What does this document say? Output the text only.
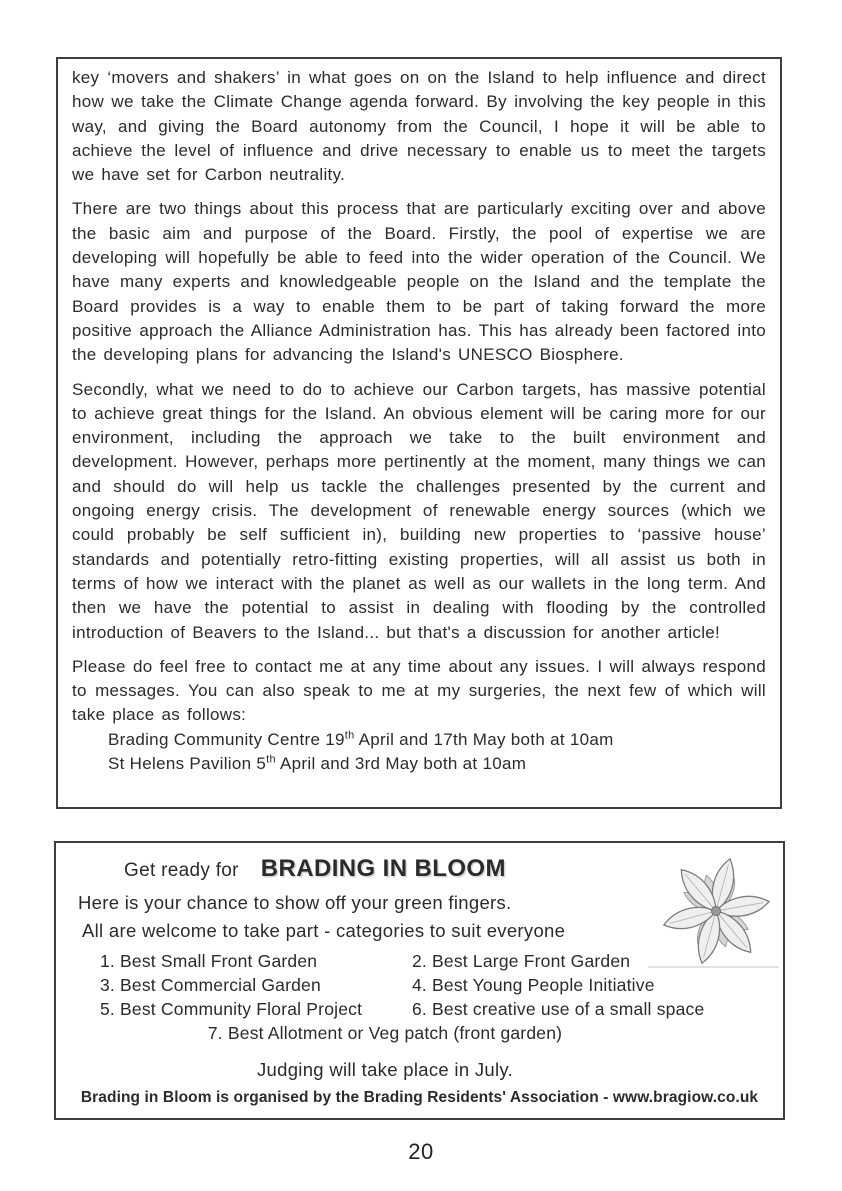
key ‘movers and shakers’ in what goes on on the Island to help influence and direct how we take the Climate Change agenda forward. By involving the key people in this way, and giving the Board autonomy from the Council, I hope it will be able to achieve the level of influence and drive necessary to enable us to meet the targets we have set for Carbon neutrality.

There are two things about this process that are particularly exciting over and above the basic aim and purpose of the Board. Firstly, the pool of expertise we are developing will hopefully be able to feed into the wider operation of the Council. We have many experts and knowledgeable people on the Island and the template the Board provides is a way to enable them to be part of taking forward the more positive approach the Alliance Administration has. This has already been factored into the developing plans for advancing the Island's UNESCO Biosphere.

Secondly, what we need to do to achieve our Carbon targets, has massive potential to achieve great things for the Island. An obvious element will be caring more for our environment, including the approach we take to the built environment and development. However, perhaps more pertinently at the moment, many things we can and should do will help us tackle the challenges presented by the current and ongoing energy crisis. The development of renewable energy sources (which we could probably be self sufficient in), building new properties to ‘passive house’ standards and potentially retro-fitting existing properties, will all assist us both in terms of how we interact with the planet as well as our wallets in the long term. And then we have the potential to assist in dealing with flooding by the controlled introduction of Beavers to the Island... but that's a discussion for another article!

Please do feel free to contact me at any time about any issues. I will always respond to messages. You can also speak to me at my surgeries, the next few of which will take place as follows:

Brading Community Centre 19th April and 17th May both at 10am
St Helens Pavilion 5th April and 3rd May both at 10am
Get ready for BRADING IN BLOOM
Here is your chance to show off your green fingers.
All are welcome to take part - categories to suit everyone
1. Best Small Front Garden	2. Best Large Front Garden
3. Best Commercial Garden	4. Best Young People Initiative
5. Best Community Floral Project	6. Best creative use of a small space
7. Best Allotment or Veg patch (front garden)
Judging will take place in July.
Brading in Bloom is organised by the Brading Residents' Association - www.bragiow.co.uk
20
